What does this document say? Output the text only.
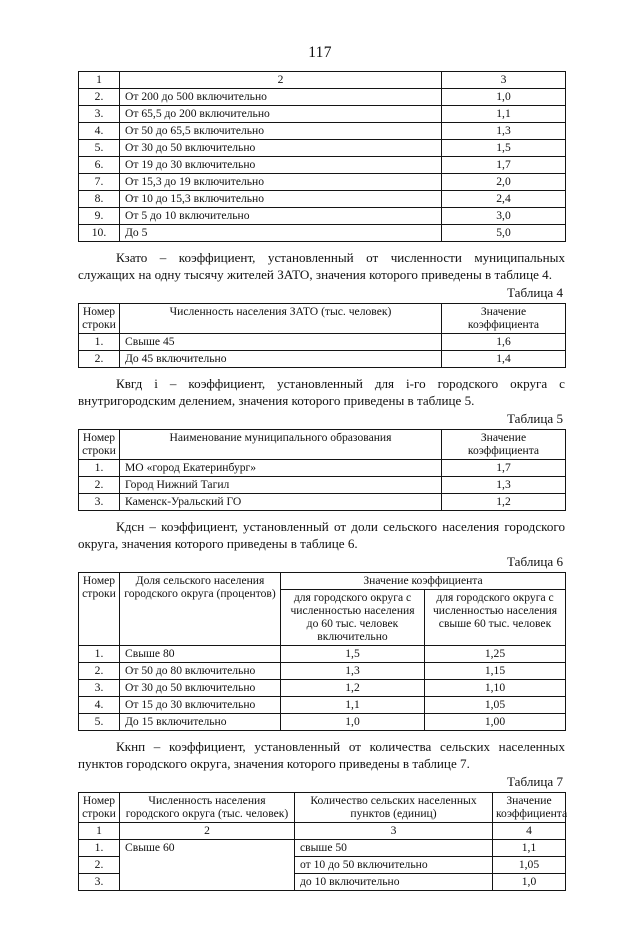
117
1	2	3
2.	От 200 до 500 включительно	1,0
3.	От 65,5 до 200 включительно	1,1
4.	От 50 до 65,5 включительно	1,3
5.	От 30 до 50 включительно	1,5
6.	От 19 до 30 включительно	1,7
7.	От 15,3 до 19 включительно	2,0
8.	От 10 до 15,3 включительно	2,4
9.	От 5 до 10 включительно	3,0
10.	До 5	5,0

Кзато – коэффициент, установленный от численности муниципальных служащих на одну тысячу жителей ЗАТО, значения которого приведены в таблице 4.

Таблица 4
Номер строки	Численность населения ЗАТО (тыс. человек)	Значение коэффициента
1.	Свыше 45	1,6
2.	До 45 включительно	1,4

Квгд i – коэффициент, установленный для i-го городского округа с внутригородским делением, значения которого приведены в таблице 5.

Таблица 5
Номер строки	Наименование муниципального образования	Значение коэффициента
1.	МО «город Екатеринбург»	1,7
2.	Город Нижний Тагил	1,3
3.	Каменск-Уральский ГО	1,2

Кдсн – коэффициент, установленный от доли сельского населения городского округа, значения которого приведены в таблице 6.

Таблица 6
Номер строки	Доля сельского населения городского округа (процентов)	Значение коэффициента	
		для городского округа с численностью населения до 60 тыс. человек включительно	для городского округа с численностью населения свыше 60 тыс. человек
1.	Свыше 80	1,5	1,25
2.	От 50 до 80 включительно	1,3	1,15
3.	От 30 до 50 включительно	1,2	1,10
4.	От 15 до 30 включительно	1,1	1,05
5.	До 15 включительно	1,0	1,00

Ккнп – коэффициент, установленный от количества сельских населенных пунктов городского округа, значения которого приведены в таблице 7.

Таблица 7
Номер строки	Численность населения городского округа (тыс. человек)	Количество сельских населенных пунктов (единиц)	Значение коэффициента
1	2	3	4
1.	Свыше 60	свыше 50	1,1
2.		от 10 до 50 включительно	1,05
3.		до 10 включительно	1,0
